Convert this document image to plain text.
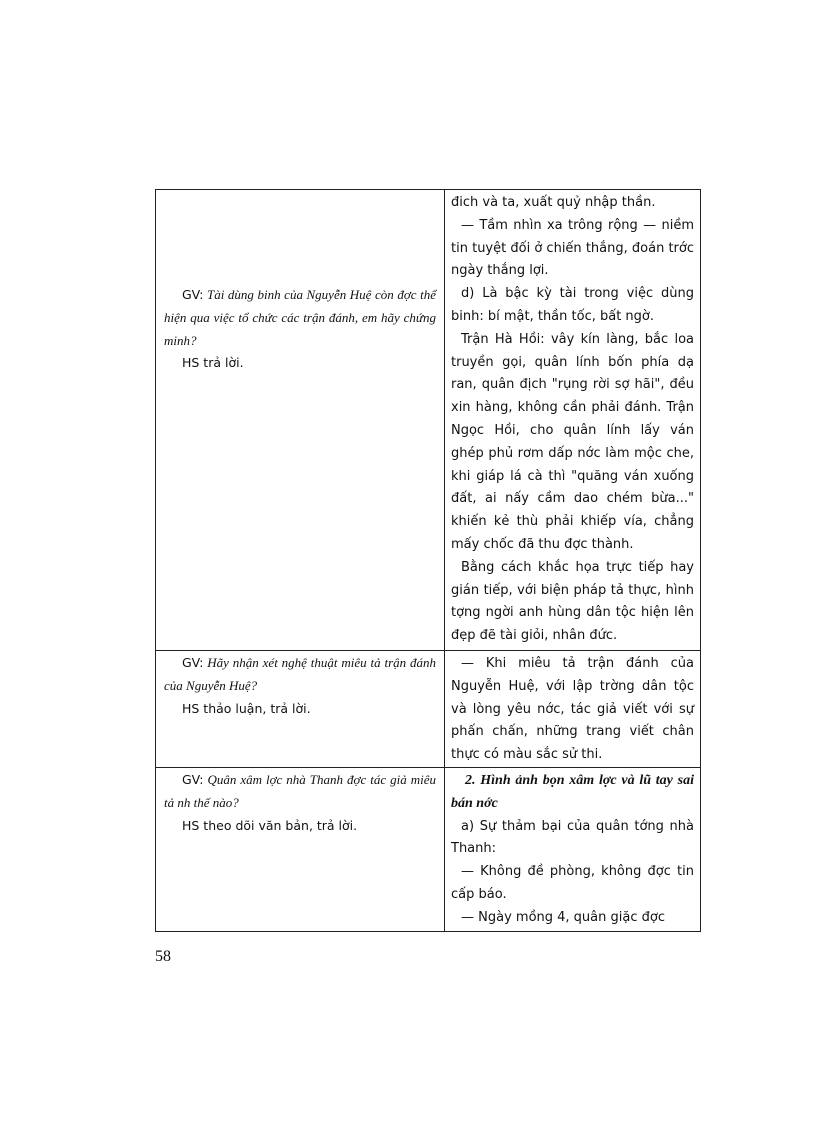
GV: Tài dùng binh của Nguyễn Huệ còn đợc thể hiện qua việc tổ chức các trận đánh, em hãy chứng minh?

HS trả lời.

đich và ta, xuất quỷ nhập thần.

— Tầm nhìn xa trông rộng — niềm tin tuyệt đối ở chiến thắng, đoán trớc ngày thắng lợi.

d) Là bậc kỳ tài trong việc dùng binh: bí mật, thần tốc, bất ngờ.

Trận Hà Hồi: vây kín làng, bắc loa truyền gọi, quân lính bốn phía dạ ran, quân địch "rụng rời sợ hãi", đều xin hàng, không cần phải đánh. Trận Ngọc Hồi, cho quân lính lấy ván ghép phủ rơm dấp nớc làm mộc che, khi giáp lá cà thì "quăng ván xuống đất, ai nấy cầm dao chém bừa..." khiến kẻ thù phải khiếp vía, chẳng mấy chốc đã thu đợc thành.

Bằng cách khắc họa trực tiếp hay gián tiếp, với biện pháp tả thực, hình tợng ngời anh hùng dân tộc hiện lên đẹp đẽ tài giỏi, nhân đức.

GV: Hãy nhận xét nghệ thuật miêu tả trận đánh của Nguyễn Huệ?

HS thảo luận, trả lời.

— Khi miêu tả trận đánh của Nguyễn Huệ, với lập trờng dân tộc và lòng yêu nớc, tác giả viết với sự phấn chấn, những trang viết chân thực có màu sắc sử thi.

GV: Quân xâm lợc nhà Thanh đợc tác giả miêu tả nh thế nào?

HS theo dõi văn bản, trả lời.

2. Hình ảnh bọn xâm lợc và lũ tay sai bán nớc

a) Sự thảm bại của quân tớng nhà Thanh:

— Không đề phòng, không đợc tin cấp báo.

— Ngày mồng 4, quân giặc đợc

58
